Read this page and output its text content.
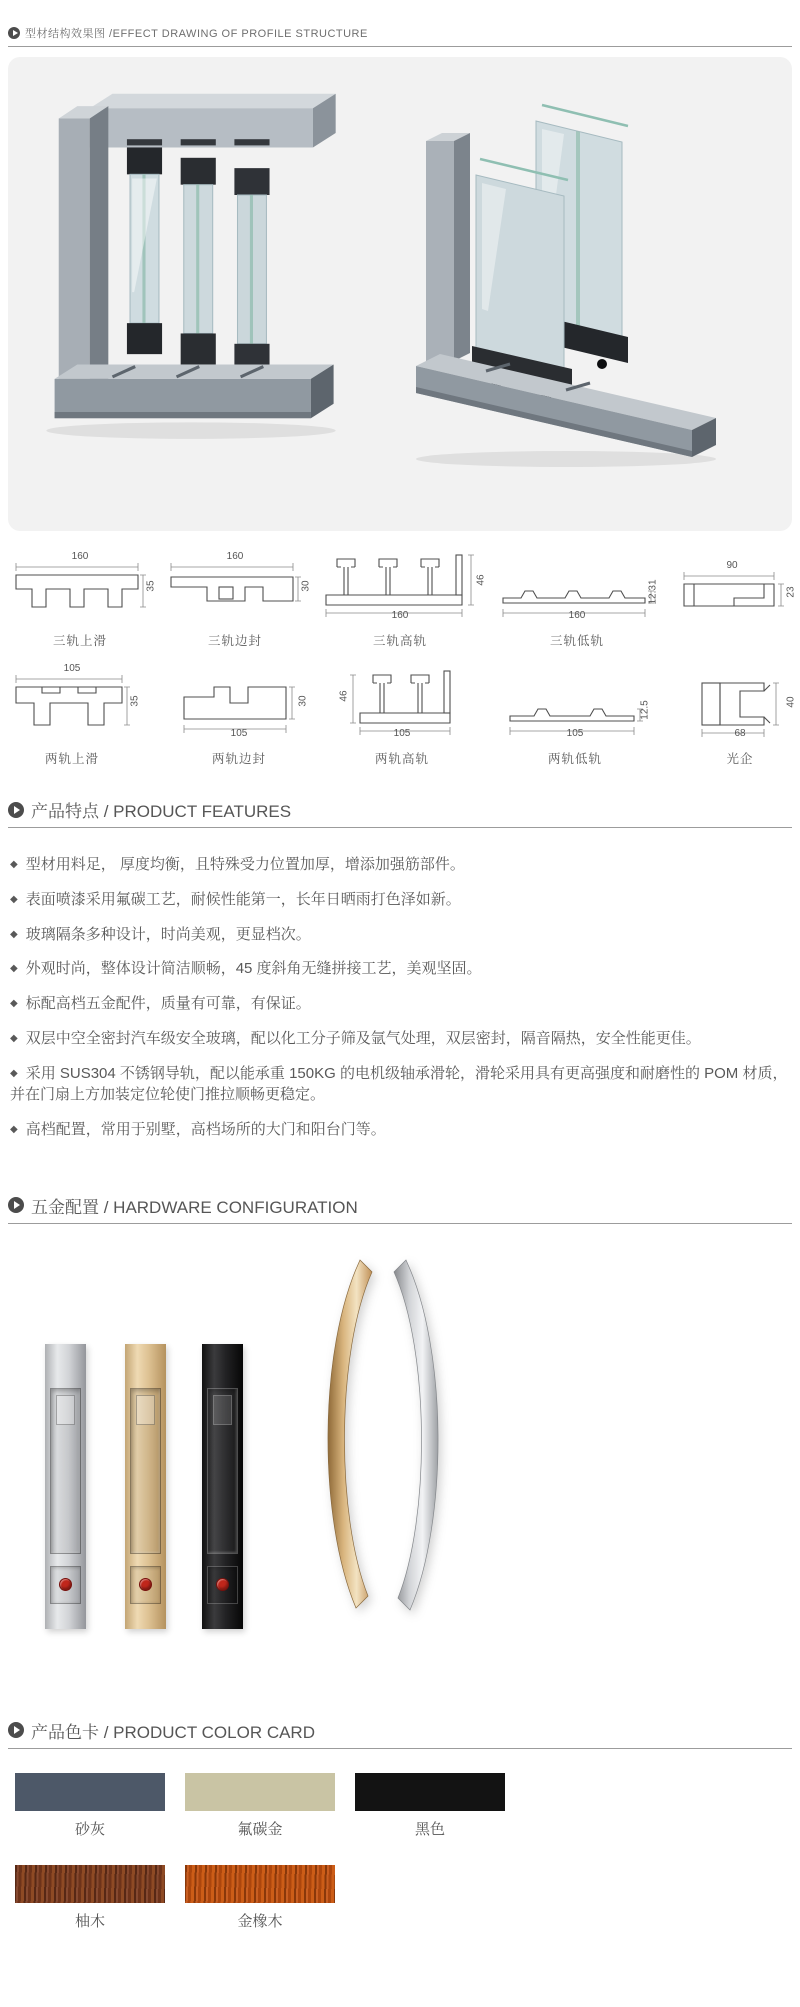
型材结构效果图 /EFFECT DRAWING OF PROFILE STRUCTURE
160
35
三轨上滑
160
30
三轨边封
160
46
三轨高轨
160
12.31
三轨低轨
90
23
105
35
两轨上滑
105
30
两轨边封
105
46
两轨高轨
105
12.5
两轨低轨
68
40
光企
产品特点 / PRODUCT FEATURES

◆ 型材用料足， 厚度均衡，且特殊受力位置加厚，增添加强筋部件。

◆ 表面喷漆采用氟碳工艺，耐候性能第一，长年日晒雨打色泽如新。

◆ 玻璃隔条多种设计，时尚美观，更显档次。

◆ 外观时尚，整体设计简洁顺畅，45 度斜角无缝拼接工艺，美观坚固。

◆ 标配高档五金配件，质量有可靠，有保证。

◆ 双层中空全密封汽车级安全玻璃，配以化工分子筛及氩气处理，双层密封，隔音隔热，安全性能更佳。

◆ 采用 SUS304 不锈钢导轨，配以能承重 150KG 的电机级轴承滑轮，滑轮采用具有更高强度和耐磨性的 POM 材质，并在门扇上方加装定位轮使门推拉顺畅更稳定。

◆ 高档配置，常用于别墅，高档场所的大门和阳台门等。

五金配置 / HARDWARE CONFIGURATION
产品色卡 / PRODUCT COLOR CARD
砂灰	氟碳金	黑色
柚木	金橡木
